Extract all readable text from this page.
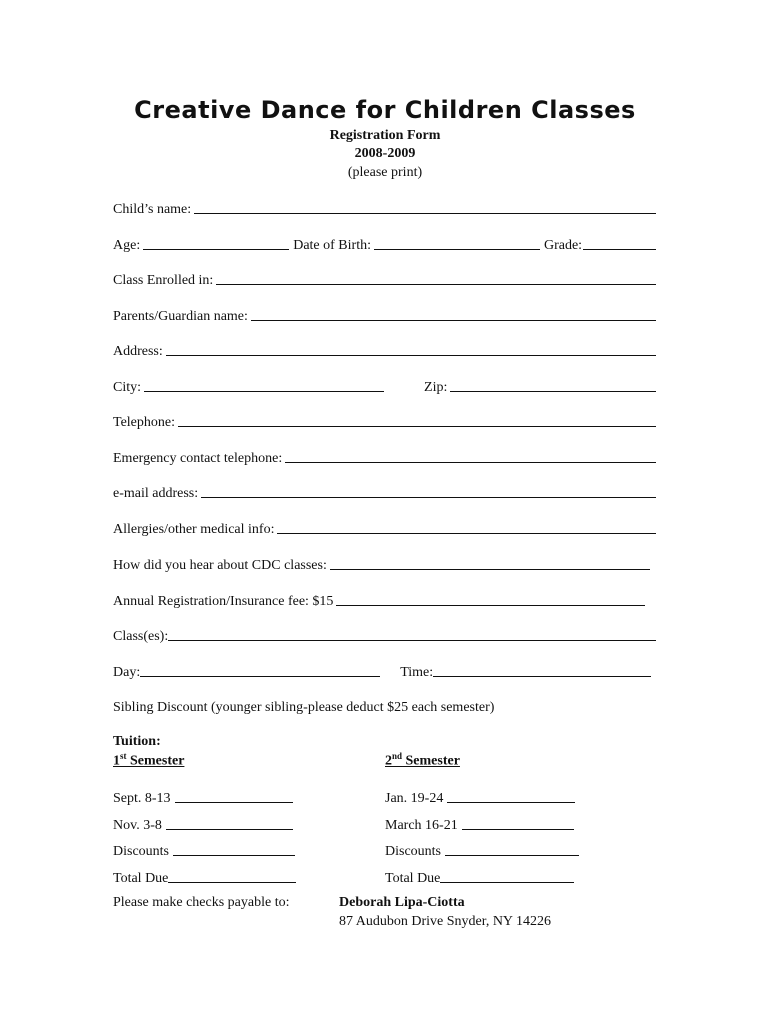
Creative Dance for Children Classes
Registration Form
2008-2009
(please print)
Child’s name:
Age:	Date of Birth:	Grade:
Class Enrolled in:
Parents/Guardian name:
Address:
City:	Zip:
Telephone:
Emergency contact telephone:
e-mail address:
Allergies/other medical info:
How did you hear about CDC classes:
Annual Registration/Insurance fee: $15
Class(es):
Day:	Time:
Sibling Discount (younger sibling-please deduct $25 each semester)
Tuition:
1st Semester	2nd Semester
Sept. 8-13	Jan. 19-24
Nov. 3-8	March 16-21
Discounts	Discounts
Total Due	Total Due
Please make checks payable to:	Deborah Lipa-Ciotta
87 Audubon Drive Snyder, NY 14226
